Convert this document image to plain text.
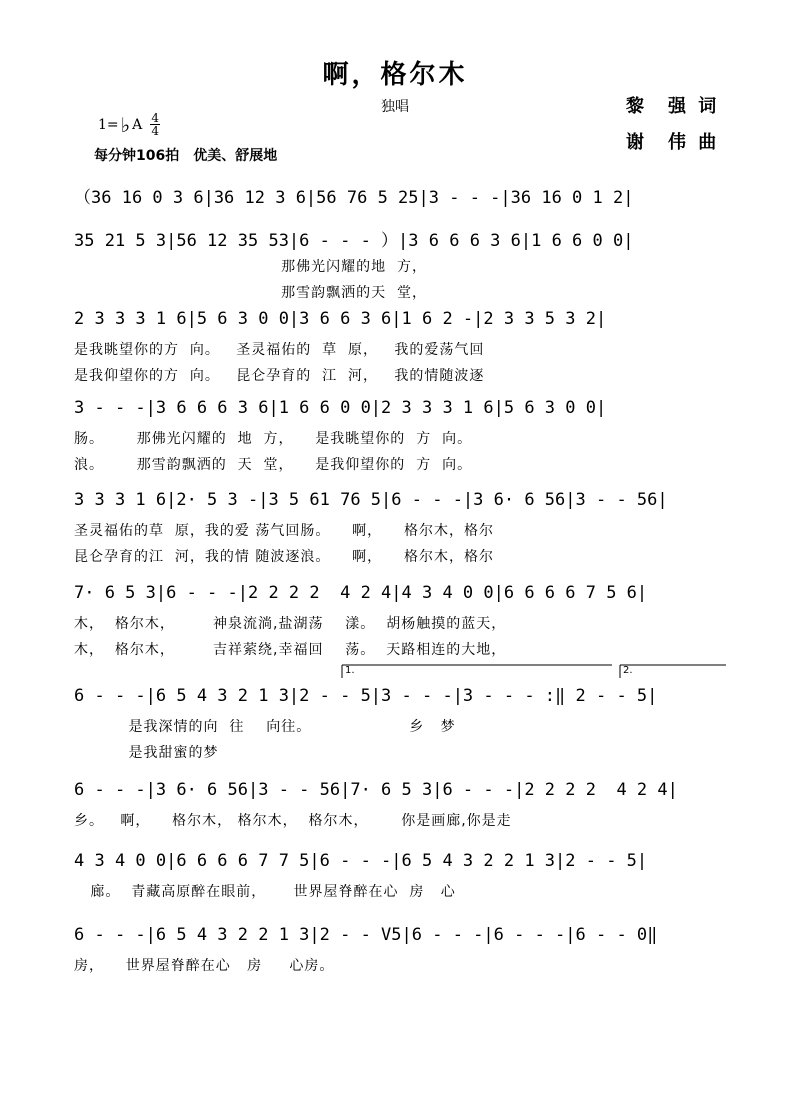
啊，格尔木
独唱	黎　强 词
谢　伟 曲
1= ♭ A 4
4
每分钟106拍　优美、舒展地
（36 16 0 3 6|36 12 3 6|56 76 5 25|3 - - -|36 16 0 1 2|
35 21 5 3|56 12 35 53|6 - - - ）|3 6 6 6 3 6|1 6 6 0 0|
那佛光闪耀的地  方，
那雪韵飘洒的天  堂，
2 3 3 3 1 6|5 6 3 0 0|3 6 6 3 6|1 6 2 -|2 3 3 5 3 2|
是我眺望你的方  向。   圣灵福佑的  草  原，   我的爱荡气回
是我仰望你的方  向。   昆仑孕育的  江  河，   我的情随波逐
3 - - -|3 6 6 6 3 6|1 6 6 0 0|2 3 3 3 1 6|5 6 3 0 0|
肠。      那佛光闪耀的  地  方，    是我眺望你的  方  向。
浪。      那雪韵飘洒的  天  堂，    是我仰望你的  方  向。
3 3 3 1 6|2· 5 3 -|3 5 61 76 5|6 - - -|3 6· 6 56|3 - - 56|
圣灵福佑的草  原，我的爱 荡气回肠。    啊，    格尔木，格尔
昆仑孕育的江  河，我的情 随波逐浪。    啊，    格尔木，格尔
7· 6 5 3|6 - - -|2 2 2 2  4 2 4|4 3 4 0 0|6 6 6 6 7 5 6|
木，  格尔木，       神泉流淌,盐湖荡    漾。  胡杨触摸的蓝天，
木，  格尔木，       吉祥萦绕,幸福回    荡。  天路相连的大地，
1.	2.
6 - - -|6 5 4 3 2 1 3|2 - - 5|3 - - -|3 - - - :‖ 2 - - 5|
是我深情的向  往    向往。                  乡   梦
是我甜蜜的梦
6 - - -|3 6· 6 56|3 - - 56|7· 6 5 3|6 - - -|2 2 2 2  4 2 4|
乡。   啊，    格尔木， 格尔木，  格尔木，      你是画廊,你是走
4 3 4 0 0|6 6 6 6 7 7 5|6 - - -|6 5 4 3 2 2 1 3|2 - - 5|
廊。  青藏高原醉在眼前，     世界屋脊醉在心  房   心
6 - - -|6 5 4 3 2 2 1 3|2 - - V5|6 - - -|6 - - -|6 - - 0‖
房，    世界屋脊醉在心   房     心房。
